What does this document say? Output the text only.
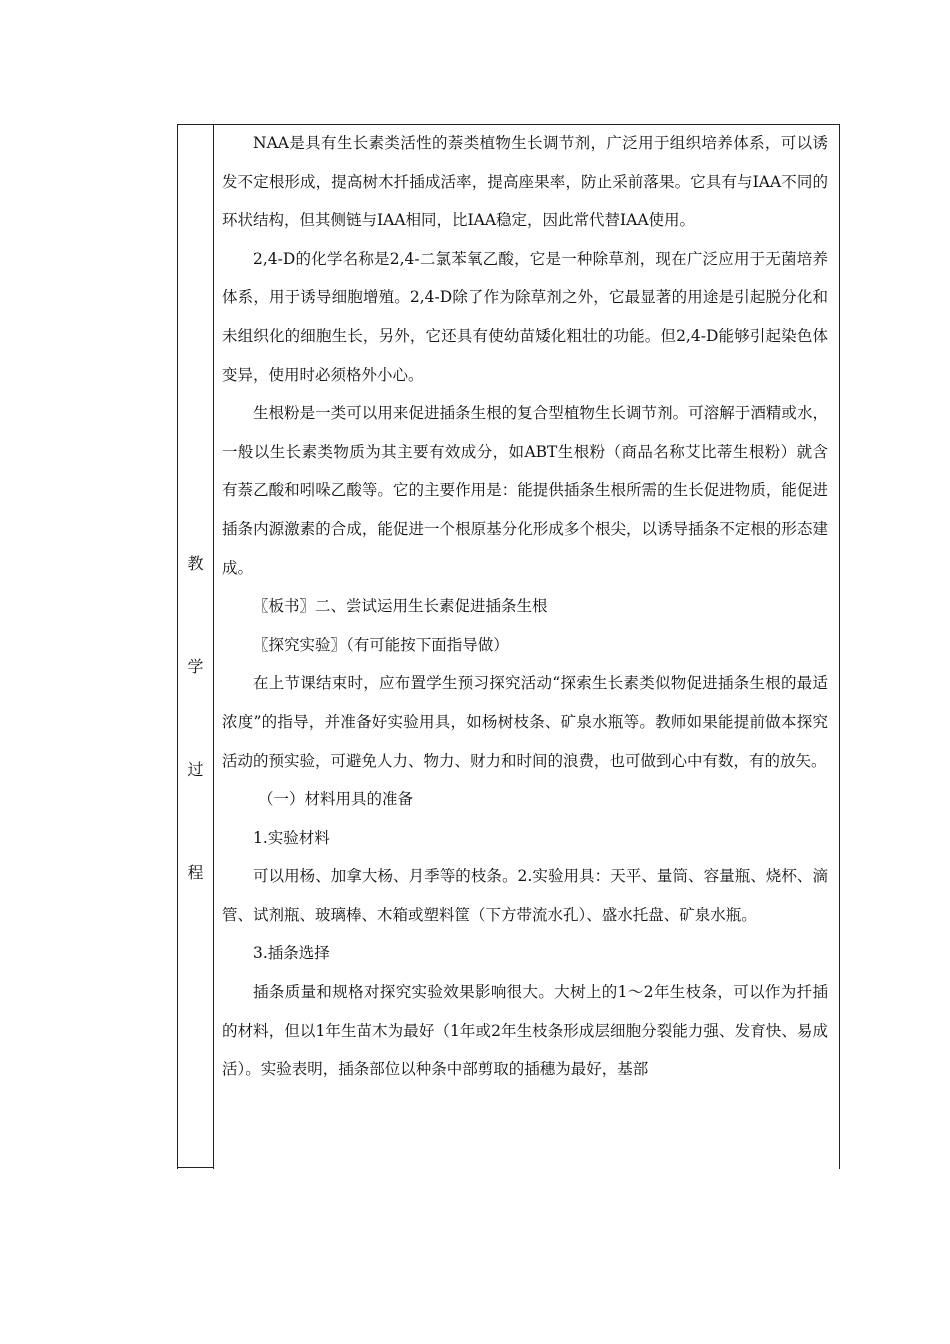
教
学
过
程

NAA是具有生长素类活性的萘类植物生长调节剂，广泛用于组织培养体系，可以诱发不定根形成，提高树木扦插成活率，提高座果率，防止采前落果。它具有与IAA不同的环状结构，但其侧链与IAA相同，比IAA稳定，因此常代替IAA使用。

2,4-D的化学名称是2,4-二氯苯氧乙酸，它是一种除草剂，现在广泛应用于无菌培养体系，用于诱导细胞增殖。2,4-D除了作为除草剂之外，它最显著的用途是引起脱分化和未组织化的细胞生长，另外，它还具有使幼苗矮化粗壮的功能。但2,4-D能够引起染色体变异，使用时必须格外小心。

生根粉是一类可以用来促进插条生根的复合型植物生长调节剂。可溶解于酒精或水，一般以生长素类物质为其主要有效成分，如ABT生根粉（商品名称艾比蒂生根粉）就含有萘乙酸和吲哚乙酸等。它的主要作用是：能提供插条生根所需的生长促进物质，能促进插条内源激素的合成，能促进一个根原基分化形成多个根尖，以诱导插条不定根的形态建成。

〖板书〗二、尝试运用生长素促进插条生根

〖探究实验〗（有可能按下面指导做）

在上节课结束时，应布置学生预习探究活动“探索生长素类似物促进插条生根的最适浓度”的指导，并准备好实验用具，如杨树枝条、矿泉水瓶等。教师如果能提前做本探究活动的预实验，可避免人力、物力、财力和时间的浪费，也可做到心中有数，有的放矢。

（一）材料用具的准备

1.实验材料

可以用杨、加拿大杨、月季等的枝条。2.实验用具：天平、量筒、容量瓶、烧杯、滴管、试剂瓶、玻璃棒、木箱或塑料筐（下方带流水孔）、盛水托盘、矿泉水瓶。

3.插条选择

插条质量和规格对探究实验效果影响很大。大树上的1～2年生枝条，可以作为扦插的材料，但以1年生苗木为最好（1年或2年生枝条形成层细胞分裂能力强、发育快、易成活）。实验表明，插条部位以种条中部剪取的插穗为最好，基部
